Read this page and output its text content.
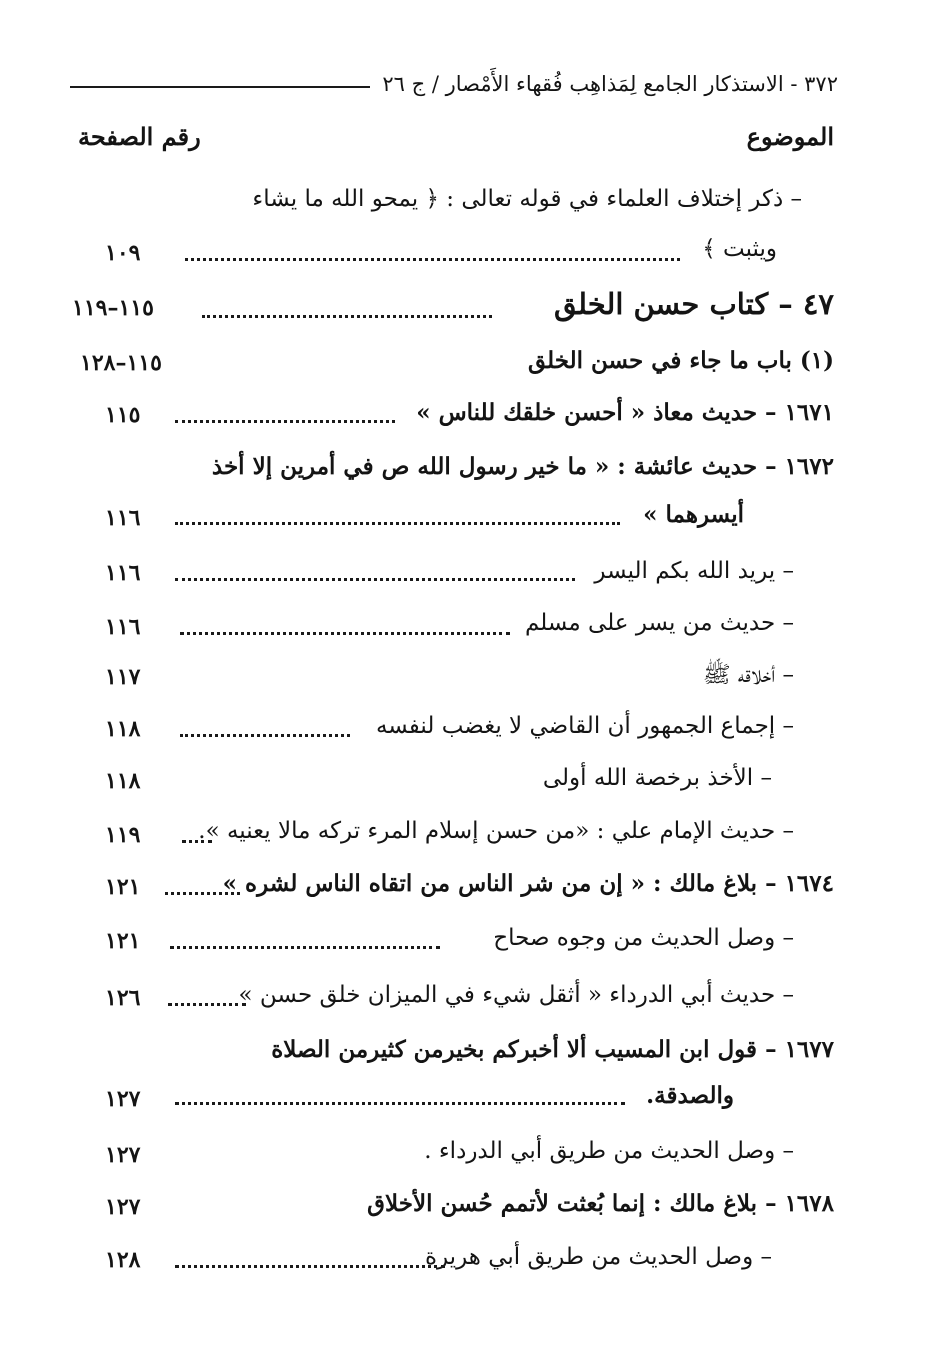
٣٧٢ - الاستذكار الجامع لِمَذاهِب فُقهاء الأَمْصار / ج ٢٦
الموضوع
رقم الصفحة
– ذكر إختلاف العلماء في قوله تعالى : ﴿ يمحو الله ما يشاء
ويثبت ﴾
١٠٩
٤٧ – كتاب حسن الخلق
١١٥–١١٩
(١) باب ما جاء في حسن الخلق
١١٥–١٢٨
١٦٧١ – حديث معاذ « أحسن خلقك للناس »
١١٥
١٦٧٢ – حديث عائشة : « ما خير رسول الله ص في أمرين إلا أخذ
أيسرهما »
١١٦
– يريد الله بكم اليسر
١١٦
– حديث من يسر على مسلم
١١٦
– أخلاقه ﷺ
١١٧
– إجماع الجمهور أن القاضي لا يغضب لنفسه
١١٨
– الأخذ برخصة الله أولى
١١٨
– حديث الإمام علي : «من حسن إسلام المرء تركه مالا يعنيه ».
١١٩
١٦٧٤ – بلاغ مالك : « إن من شر الناس من اتقاه الناس لشره »
١٢١
– وصل الحديث من وجوه صحاح
١٢١
– حديث أبي الدرداء « أثقل شيء في الميزان خلق حسن »
١٢٦
١٦٧٧ – قول ابن المسيب ألا أخبركم بخيرمن كثيرمن الصلاة
والصدقة.
١٢٧
– وصل الحديث من طريق أبي الدرداء .
١٢٧
١٦٧٨ – بلاغ مالك : إنما بُعثت لأتمم حُسن الأخلاق
١٢٧
– وصل الحديث من طريق أبي هريرة
١٢٨
